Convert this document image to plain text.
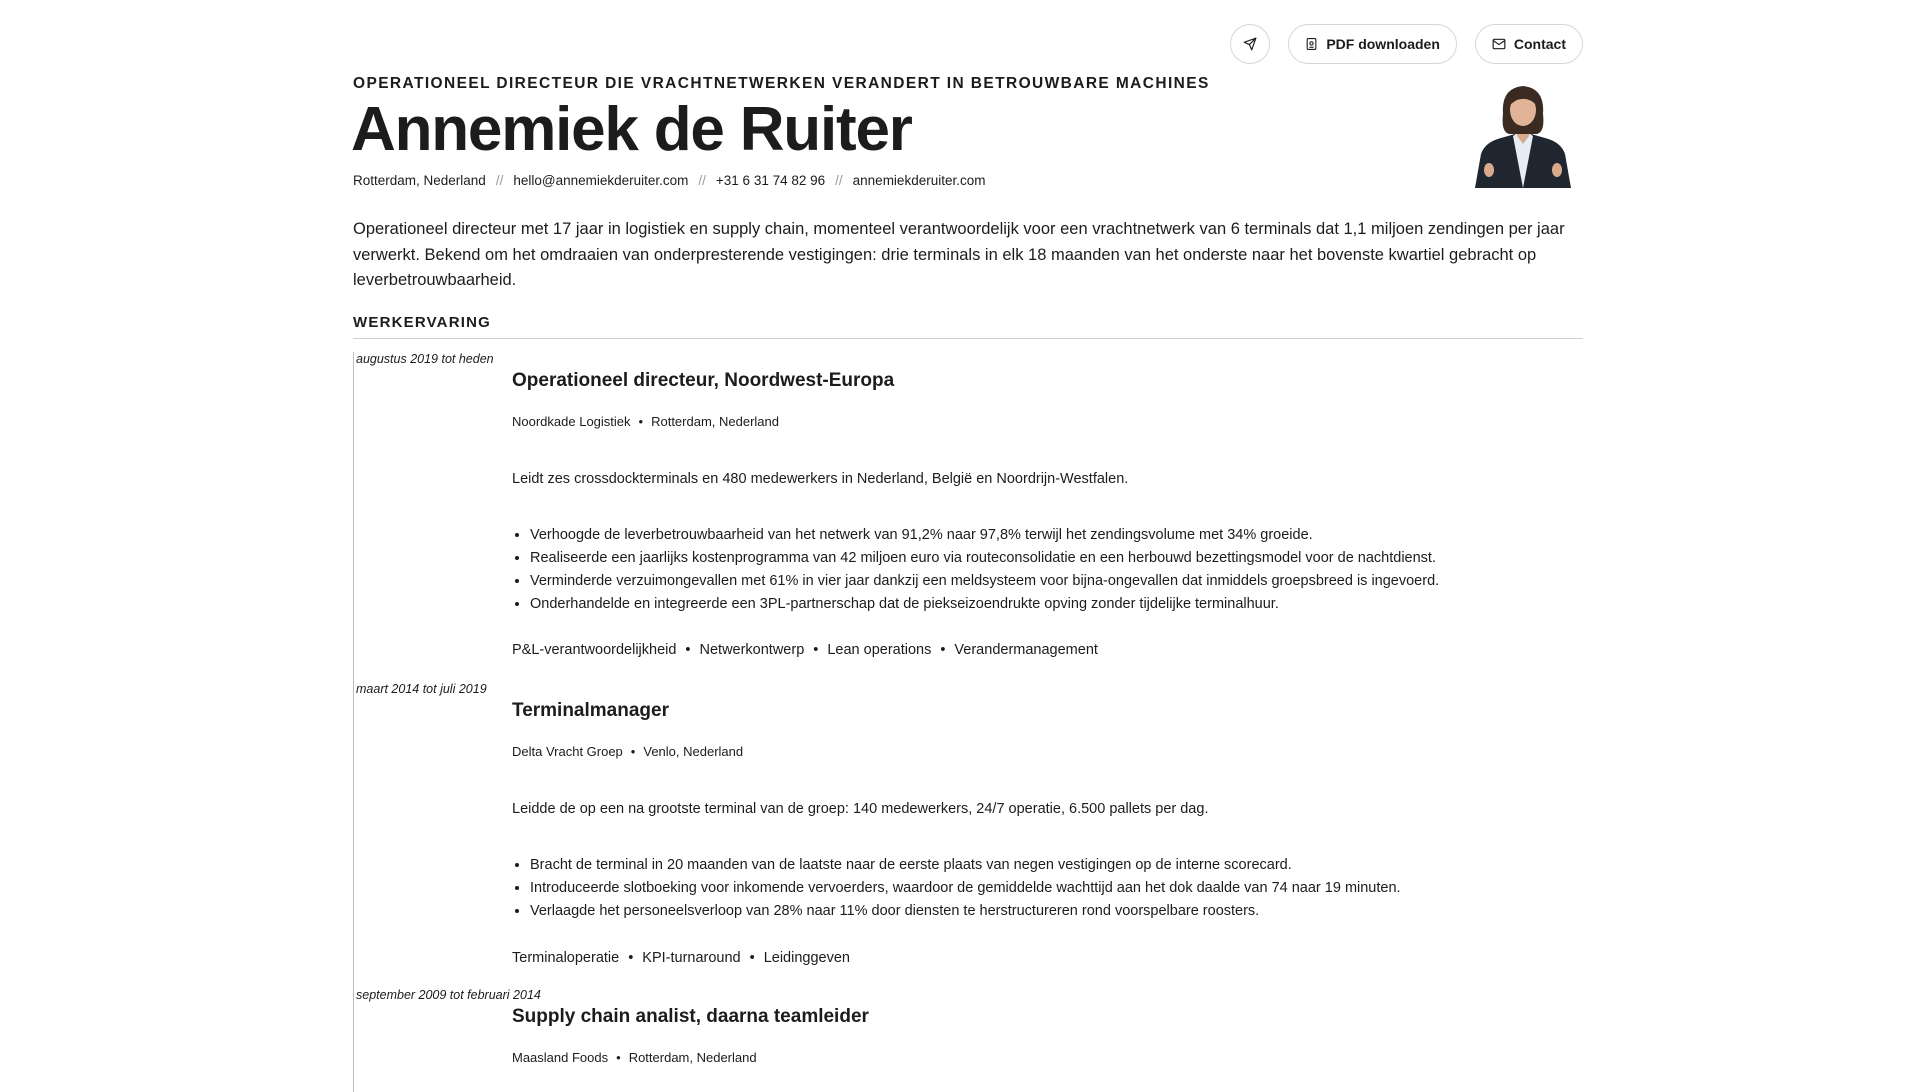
PDF downloaden	Contact
OPERATIONEEL DIRECTEUR DIE VRACHTNETWERKEN VERANDERT IN BETROUWBARE MACHINES
Annemiek de Ruiter
Rotterdam, Nederland // hello@annemiekderuiter.com // +31 6 31 74 82 96 // annemiekderuiter.com
Operationeel directeur met 17 jaar in logistiek en supply chain, momenteel verantwoordelijk voor een vrachtnetwerk van 6 terminals dat 1,1 miljoen zendingen per jaar verwerkt. Bekend om het omdraaien van onderpresterende vestigingen: drie terminals in elk 18 maanden van het onderste naar het bovenste kwartiel gebracht op leverbetrouwbaarheid.
WERKERVARING
augustus 2019 tot heden
Operationeel directeur, Noordwest-Europa
Noordkade Logistiek • Rotterdam, Nederland
Leidt zes crossdockterminals en 480 medewerkers in Nederland, België en Noordrijn-Westfalen.
• Verhoogde de leverbetrouwbaarheid van het netwerk van 91,2% naar 97,8% terwijl het zendingsvolume met 34% groeide.
• Realiseerde een jaarlijks kostenprogramma van 42 miljoen euro via routeconsolidatie en een herbouwd bezettingsmodel voor de nachtdienst.
• Verminderde verzuimongevallen met 61% in vier jaar dankzij een meldsysteem voor bijna-ongevallen dat inmiddels groepsbreed is ingevoerd.
• Onderhandelde en integreerde een 3PL-partnerschap dat de piekseizoendrukte opving zonder tijdelijke terminalhuur.
P&L-verantwoordelijkheid • Netwerkontwerp • Lean operations • Verandermanagement
maart 2014 tot juli 2019
Terminalmanager
Delta Vracht Groep • Venlo, Nederland
Leidde de op een na grootste terminal van de groep: 140 medewerkers, 24/7 operatie, 6.500 pallets per dag.
• Bracht de terminal in 20 maanden van de laatste naar de eerste plaats van negen vestigingen op de interne scorecard.
• Introduceerde slotboeking voor inkomende vervoerders, waardoor de gemiddelde wachttijd aan het dok daalde van 74 naar 19 minuten.
• Verlaagde het personeelsverloop van 28% naar 11% door diensten te herstructureren rond voorspelbare roosters.
Terminaloperatie • KPI-turnaround • Leidinggeven
september 2009 tot februari 2014
Supply chain analist, daarna teamleider
Maasland Foods • Rotterdam, Nederland
